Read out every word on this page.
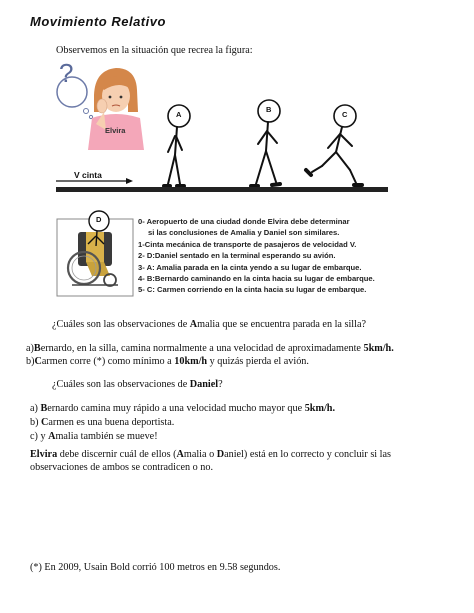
Movimiento Relativo
Observemos en la situación que recrea la figura:
?
Elvira
A
B
C
V cinta
D	0- Aeropuerto de una ciudad donde Elvira debe determinar
si las conclusiones de Amalia y Daniel son similares.
1-Cinta mecánica de transporte de pasajeros de velocidad V.
2- D:Daniel sentado en la terminal esperando su avión.
3- A: Amalia parada en la cinta yendo a su lugar de embarque.
4- B:Bernardo caminando en la cinta hacia su lugar de embarque.
5- C: Carmen corriendo en la cinta hacia su lugar de embarque.
¿Cuáles son las observaciones de Amalia que se encuentra parada en la silla?
a)Bernardo, en la silla, camina normalmente a una velocidad de aproximadamente 5km/h.
b)Carmen corre (*) como mínimo a 10km/h y quizás pierda el avión.
¿Cuáles son las observaciones de Daniel?
a) Bernardo camina muy rápido a una velocidad mucho mayor que 5km/h.
b) Carmen es una buena deportista.
c) y Amalia también se mueve!
Elvira debe discernir cuál de ellos (Amalia o Daniel) está en lo correcto y concluir si las
observaciones de ambos se contradicen o no.
(*) En 2009, Usain Bold corrió 100 metros en 9.58 segundos.
